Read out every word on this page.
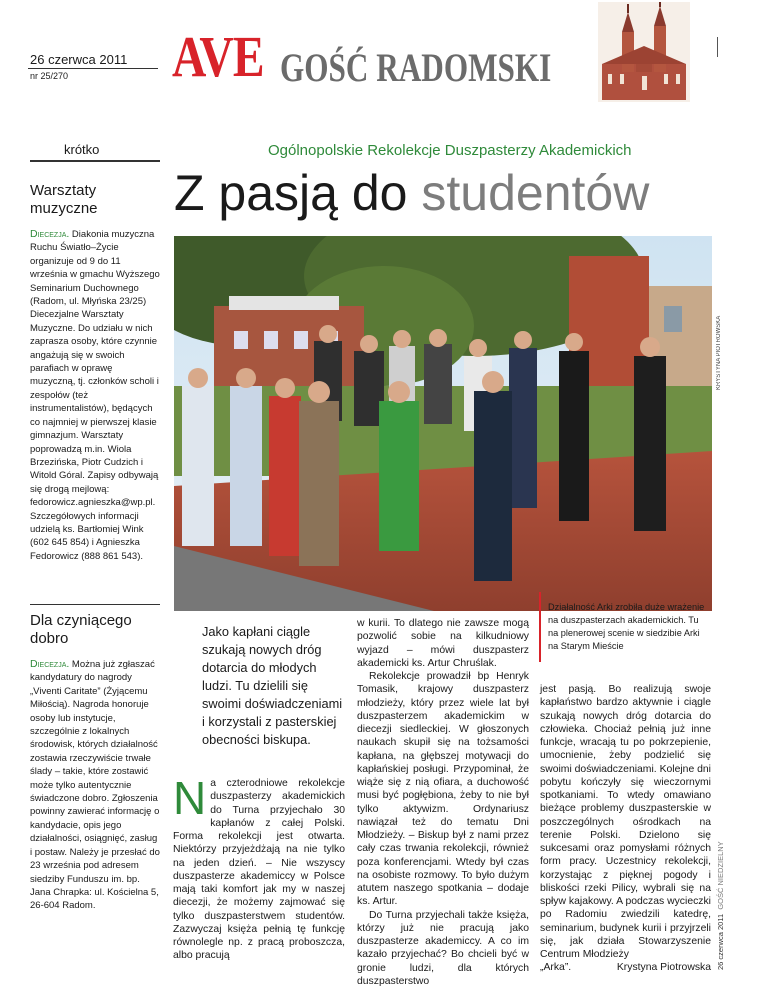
26 czerwca 2011
nr 25/270 AVE GOŚĆ RADOMSKI
krótko	Ogólnopolskie Rekolekcje Duszpasterzy Akademickich
Z pasją do studentów
Warsztaty muzyczne
Diecezja. Diakonia muzyczna Ruchu Światło–Życie organizuje od 9 do 11 września w gmachu Wyższego Seminarium Duchownego (Radom, ul. Młyńska 23/25) Diecezjalne Warsztaty Muzyczne. Do udziału w nich zaprasza osoby, które czynnie angażują się w swoich parafiach w oprawę muzyczną, tj. członków scholi i zespołów (też instrumentalistów), będących co najmniej w pierwszej klasie gimnazjum. Warsztaty poprowadzą m.in. Wiola Brzezińska, Piotr Cudzich i Witold Góral. Zapisy odbywają się drogą mejlową: fedorowicz.agnieszka@wp.pl. Szczegółowych informacji udzielą ks. Bartłomiej Wink (602 645 854) i Agnieszka Fedorowicz (888 861 543).
Dla czyniącego dobro
Diecezja. Można już zgłaszać kandydatury do nagrody „Viventi Caritate” (Żyjącemu Miłością). Nagroda honoruje osoby lub instytucje, szczególnie z lokalnych środowisk, których działalność zostawia rzeczywiście trwałe ślady – takie, które zostawić może tylko autentycznie świadczone dobro. Zgłoszenia powinny zawierać informację o kandydacie, opis jego działalności, osiągnięć, zasług i postaw. Należy je przesłać do 23 września pod adresem siedziby Funduszu im. bp. Jana Chrapka: ul. Kościelna 5, 26-604 Radom.
KRYSTYNA PIOTROWSKA
Jako kapłani ciągle szukają nowych dróg dotarcia do młodych ludzi. Tu dzielili się swoimi doświadczeniami i korzystali z pasterskiej obecności biskupa.
Działalność Arki zrobiła duże wrażenie na duszpasterzach akademickich. Tu na plenerowej scenie w siedzibie Arki na Starym Mieście
Na czterodniowe rekolekcje duszpasterzy akademickich do Turna przyjechało 30 kapłanów z całej Polski. Forma rekolekcji jest otwarta. Niektórzy przyjeżdżają na nie tylko na jeden dzień. – Nie wszyscy duszpasterze akademiccy w Polsce mają taki komfort jak my w naszej diecezji, że możemy zajmować się tylko duszpasterstwem studentów. Zazwyczaj księża pełnią tę funkcję równolegle np. z pracą proboszcza, albo pracują
w kurii. To dlatego nie zawsze mogą pozwolić sobie na kilkudniowy wyjazd – mówi duszpasterz akademicki ks. Artur Chruślak.
Rekolekcje prowadził bp Henryk Tomasik, krajowy duszpasterz młodzieży, który przez wiele lat był duszpasterzem akademickim w diecezji siedleckiej. W głoszonych naukach skupił się na tożsamości kapłana, na głębszej motywacji do kapłańskiej posługi. Przypominał, że wiąże się z nią ofiara, a duchowość musi być pogłębiona, żeby to nie był tylko aktywizm. Ordynariusz nawiązał też do tematu Dni Młodzieży. – Biskup był z nami przez cały czas trwania rekolekcji, również poza konferencjami. Wtedy był czas na osobiste rozmowy. To było dużym atutem naszego spotkania – dodaje ks. Artur.
Do Turna przyjechali także księża, którzy już nie pracują jako duszpasterze akademiccy. A co im kazało przyjechać? Bo chcieli być w gronie ludzi, dla których duszpasterstwo
jest pasją. Bo realizują swoje kapłaństwo bardzo aktywnie i ciągle szukają nowych dróg dotarcia do człowieka. Chociaż pełnią już inne funkcje, wracają tu po pokrzepienie, umocnienie, żeby podzielić się swoimi doświadczeniami. Kolejne dni pobytu kończyły się wieczornymi spotkaniami. To wtedy omawiano bieżące problemy duszpasterskie w poszczególnych ośrodkach na terenie Polski. Dzielono się sukcesami oraz pomysłami różnych form pracy. Uczestnicy rekolekcji, korzystając z pięknej pogody i bliskości rzeki Pilicy, wybrali się na spływ kajakowy. A podczas wycieczki po Radomiu zwiedzili katedrę, seminarium, budynek kurii i przyjrzeli się, jak działa Stowarzyszenie Centrum Młodzieży
„Arka”.	Krystyna Piotrowska 26 czerwca 2011  GOŚĆ NIEDZIELNY
